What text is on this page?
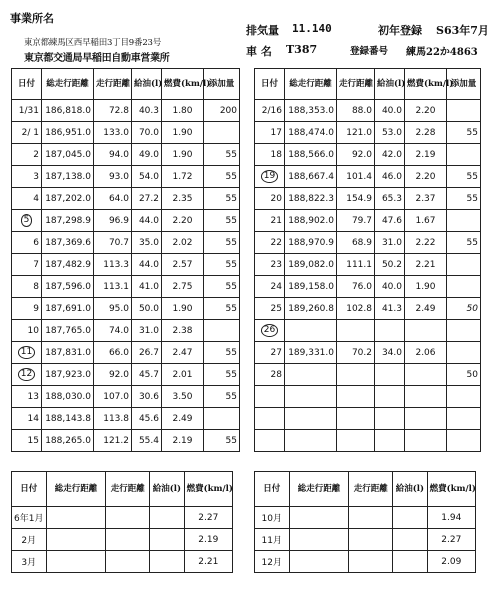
事業所名
東京都練馬区西早稲田3丁目9番23号
東京都交通局早稲田自動車営業所
排気量 11.140	初年登録 S63年7月
車 名 T387	登録番号 練馬22か4863
日付	総走行距離	走行距離	給油(l)	燃費(km/l)	添加量
1/31	186,818.0	72.8	40.3	1.80	200
2/ 1	186,951.0	133.0	70.0	1.90	
2	187,045.0	94.0	49.0	1.90	55
3	187,138.0	93.0	54.0	1.72	55
4	187,202.0	64.0	27.2	2.35	55
5	187,298.9	96.9	44.0	2.20	55
6	187,369.6	70.7	35.0	2.02	55
7	187,482.9	113.3	44.0	2.57	55
8	187,596.0	113.1	41.0	2.75	55
9	187,691.0	95.0	50.0	1.90	55
10	187,765.0	74.0	31.0	2.38	
11	187,831.0	66.0	26.7	2.47	55
12	187,923.0	92.0	45.7	2.01	55
13	188,030.0	107.0	30.6	3.50	55
14	188,143.8	113.8	45.6	2.49	
15	188,265.0	121.2	55.4	2.19	55
日付	総走行距離	走行距離	給油(l)	燃費(km/l)	添加量
2/16	188,353.0	88.0	40.0	2.20	
17	188,474.0	121.0	53.0	2.28	55
18	188,566.0	92.0	42.0	2.19	
19	188,667.4	101.4	46.0	2.20	55
20	188,822.3	154.9	65.3	2.37	55
21	188,902.0	79.7	47.6	1.67	
22	188,970.9	68.9	31.0	2.22	55
23	189,082.0	111.1	50.2	2.21	
24	189,158.0	76.0	40.0	1.90	
25	189,260.8	102.8	41.3	2.49	50
26					
27	189,331.0	70.2	34.0	2.06	
28					50

日付	総走行距離	走行距離	給油(l)	燃費(km/l)
6年1月				2.27
2月				2.19
3月				2.21
日付	総走行距離	走行距離	給油(l)	燃費(km/l)
10月				1.94
11月				2.27
12月				2.09
